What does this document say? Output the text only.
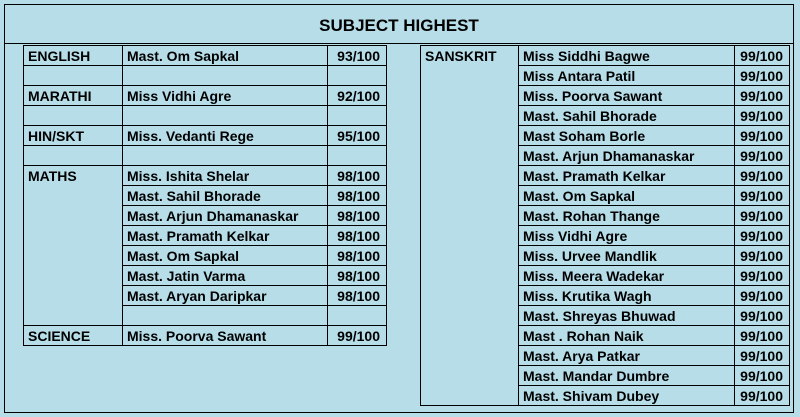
SUBJECT HIGHEST
ENGLISH	Mast. Om Sapkal	93/100

MARATHI	Miss Vidhi Agre	92/100

HIN/SKT	Miss. Vedanti Rege	95/100

MATHS	Miss. Ishita Shelar	98/100
	Mast. Sahil Bhorade	98/100
	Mast. Arjun Dhamanaskar	98/100
	Mast. Pramath Kelkar	98/100
	Mast. Om Sapkal	98/100
	Mast. Jatin Varma	98/100
	Mast. Aryan Daripkar	98/100

SCIENCE	Miss. Poorva Sawant	99/100
SANSKRIT	Miss Siddhi Bagwe	99/100
	Miss Antara Patil	99/100
	Miss. Poorva Sawant	99/100
	Mast. Sahil Bhorade	99/100
	Mast Soham Borle	99/100
	Mast. Arjun Dhamanaskar	99/100
	Mast. Pramath Kelkar	99/100
	Mast. Om Sapkal	99/100
	Mast. Rohan Thange	99/100
	Miss Vidhi Agre	99/100
	Miss. Urvee Mandlik	99/100
	Miss. Meera Wadekar	99/100
	Miss. Krutika Wagh	99/100
	Mast. Shreyas Bhuwad	99/100
	Mast . Rohan Naik	99/100
	Mast. Arya Patkar	99/100
	Mast. Mandar Dumbre	99/100
	Mast. Shivam Dubey	99/100
